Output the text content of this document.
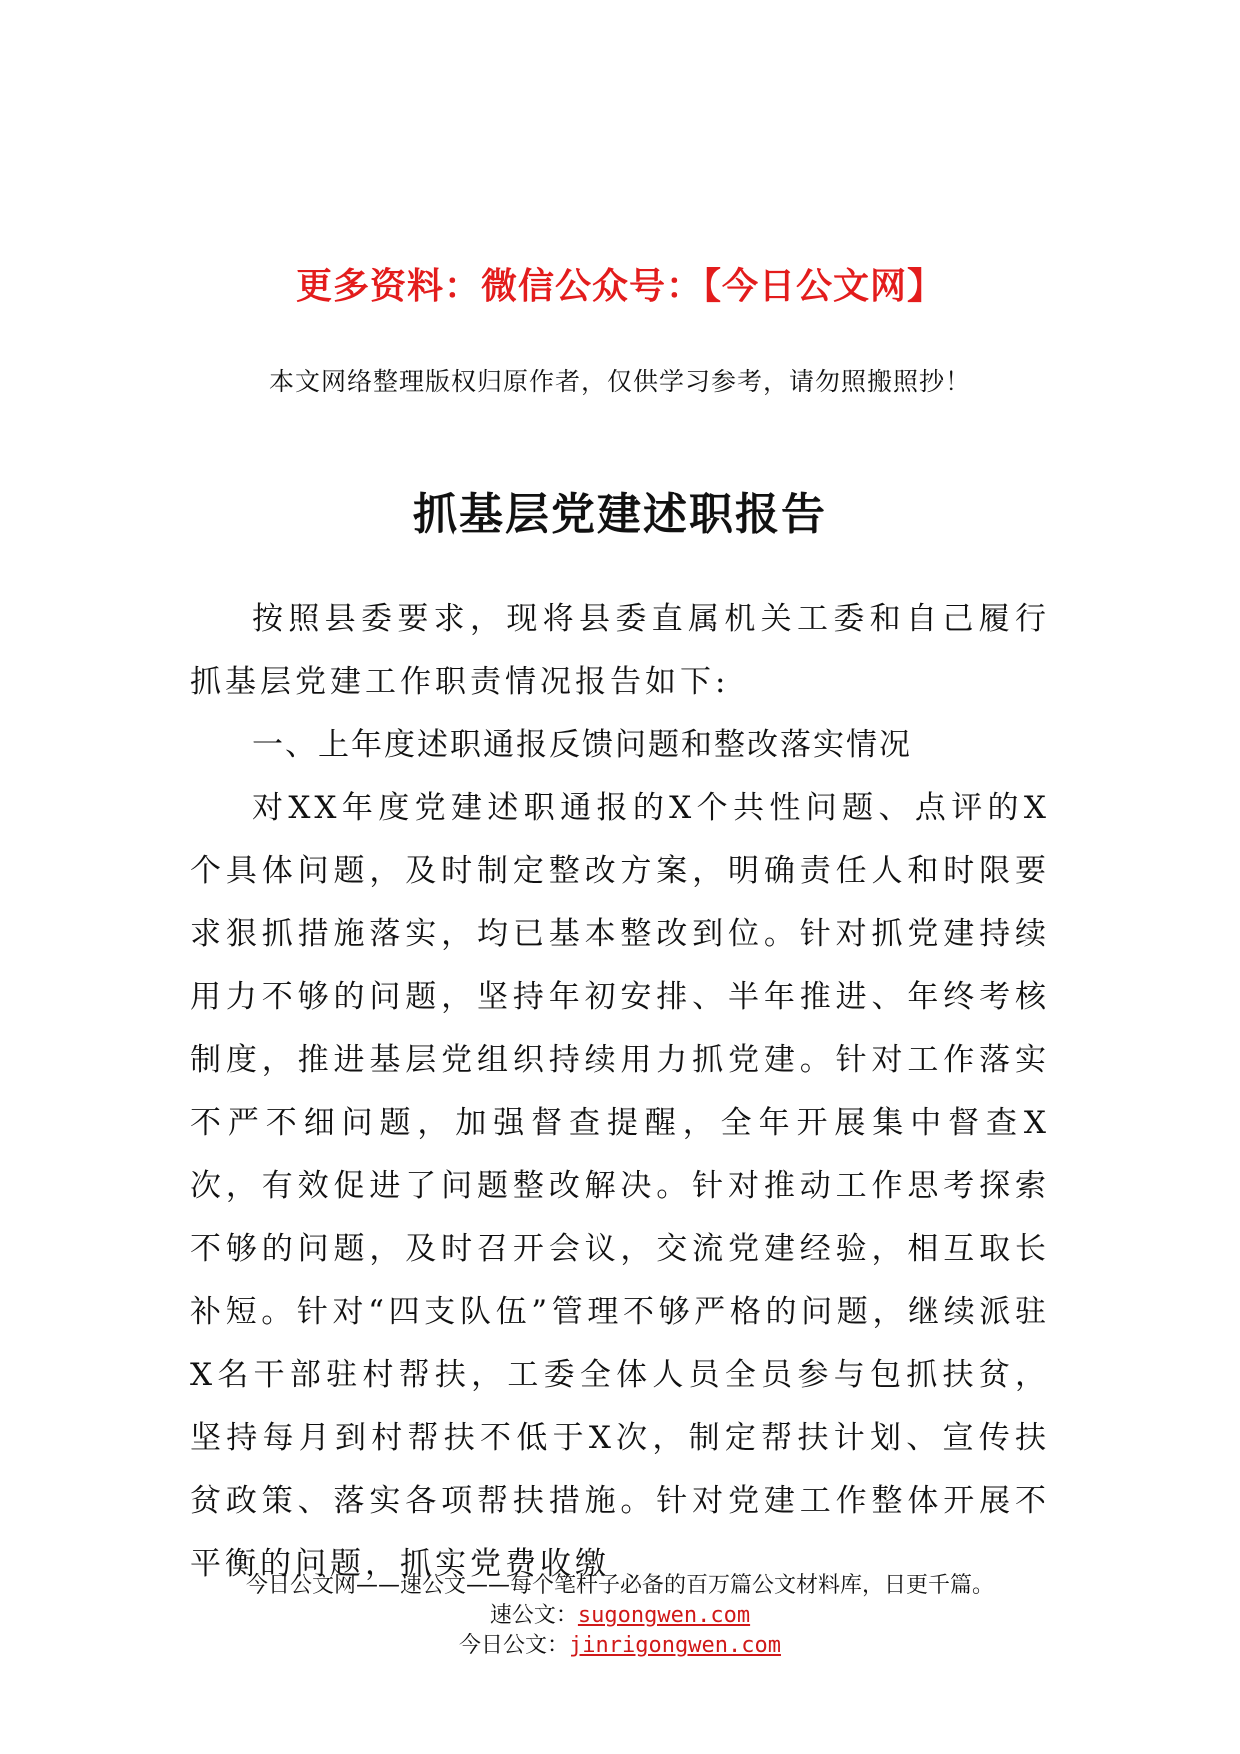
更多资料：微信公众号：【今日公文网】
本文网络整理版权归原作者，仅供学习参考，请勿照搬照抄！
抓基层党建述职报告

按照县委要求，现将县委直属机关工委和自己履行抓基层党建工作职责情况报告如下:

一、上年度述职通报反馈问题和整改落实情况

对XX年度党建述职通报的X个共性问题、点评的X个具体问题，及时制定整改方案，明确责任人和时限要求狠抓措施落实，均已基本整改到位。针对抓党建持续用力不够的问题，坚持年初安排、半年推进、年终考核制度，推进基层党组织持续用力抓党建。针对工作落实不严不细问题，加强督查提醒，全年开展集中督查X次，有效促进了问题整改解决。针对推动工作思考探索不够的问题，及时召开会议，交流党建经验，相互取长补短。针对“四支队伍”管理不够严格的问题，继续派驻X名干部驻村帮扶，工委全体人员全员参与包抓扶贫，坚持每月到村帮扶不低于X次，制定帮扶计划、宣传扶贫政策、落实各项帮扶措施。针对党建工作整体开展不平衡的问题，抓实党费收缴

今日公文网——速公文——每个笔杆子必备的百万篇公文材料库，日更千篇。
速公文：sugongwen.com
今日公文：jinrigongwen.com
